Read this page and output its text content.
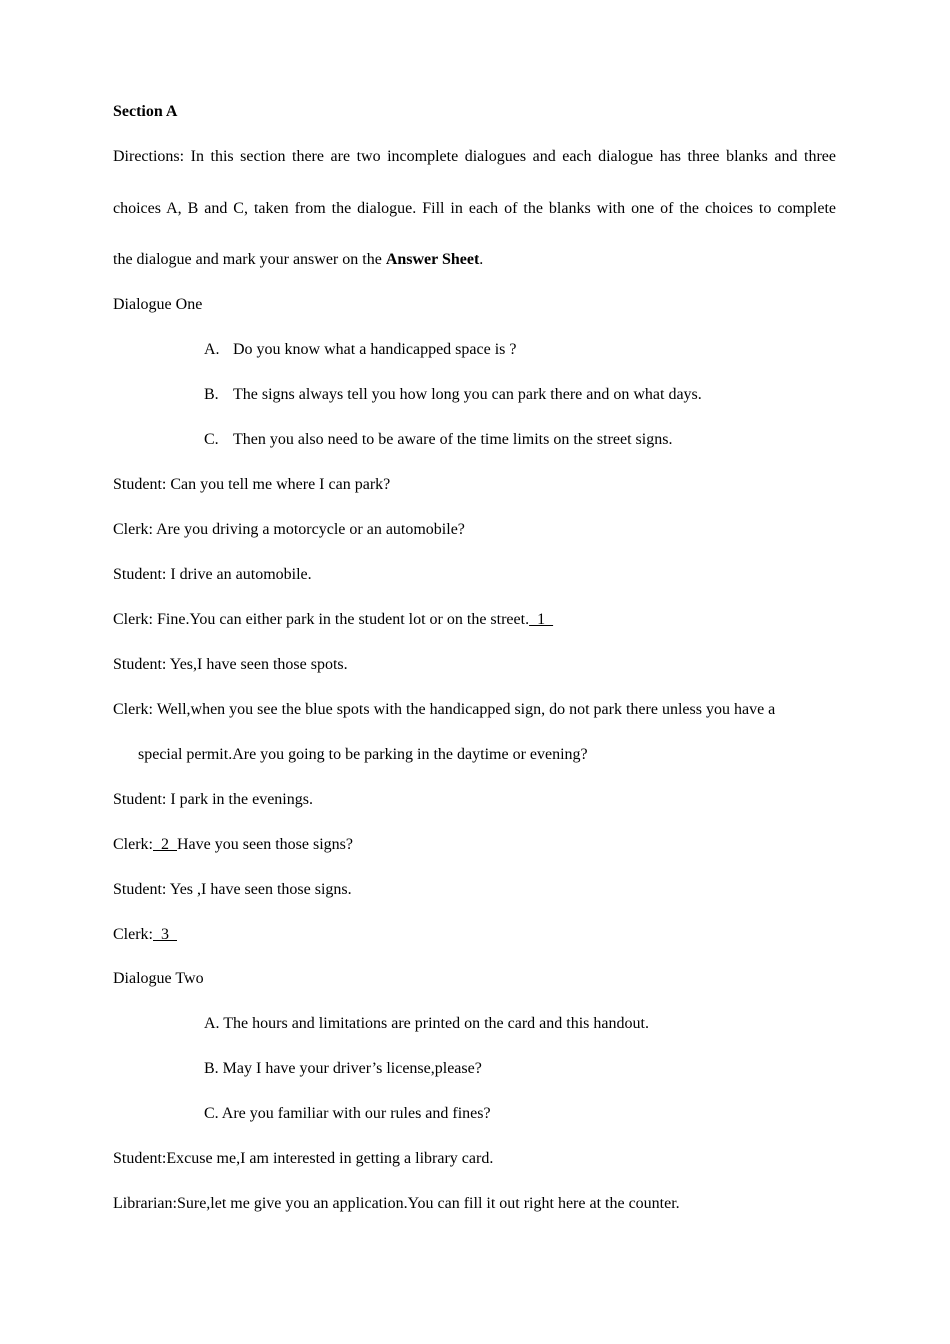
Section A
Directions: In this section there are two incomplete dialogues and each dialogue has three blanks and three
choices A, B and C, taken from the dialogue. Fill in each of the blanks with one of the choices to complete
the dialogue and mark your answer on the Answer Sheet.
Dialogue One
A. Do you know what a handicapped space is ?
B. The signs always tell you how long you can park there and on what days.
C. Then you also need to be aware of the time limits on the street signs.
Student: Can you tell me where I can park?
Clerk: Are you driving a motorcycle or an automobile?
Student: I drive an automobile.
Clerk: Fine.You can either park in the student lot or on the street.  1
Student: Yes,I have seen those spots.
Clerk: Well,when you see the blue spots with the handicapped sign, do not park there unless you have a
special permit.Are you going to be parking in the daytime or evening?
Student: I park in the evenings.
Clerk:  2  Have you seen those signs?
Student: Yes ,I have seen those signs.
Clerk:  3
Dialogue Two
A. The hours and limitations are printed on the card and this handout.
B. May I have your driver’s license,please?
C. Are you familiar with our rules and fines?
Student:Excuse me,I am interested in getting a library card.
Librarian:Sure,let me give you an application.You can fill it out right here at the counter.
